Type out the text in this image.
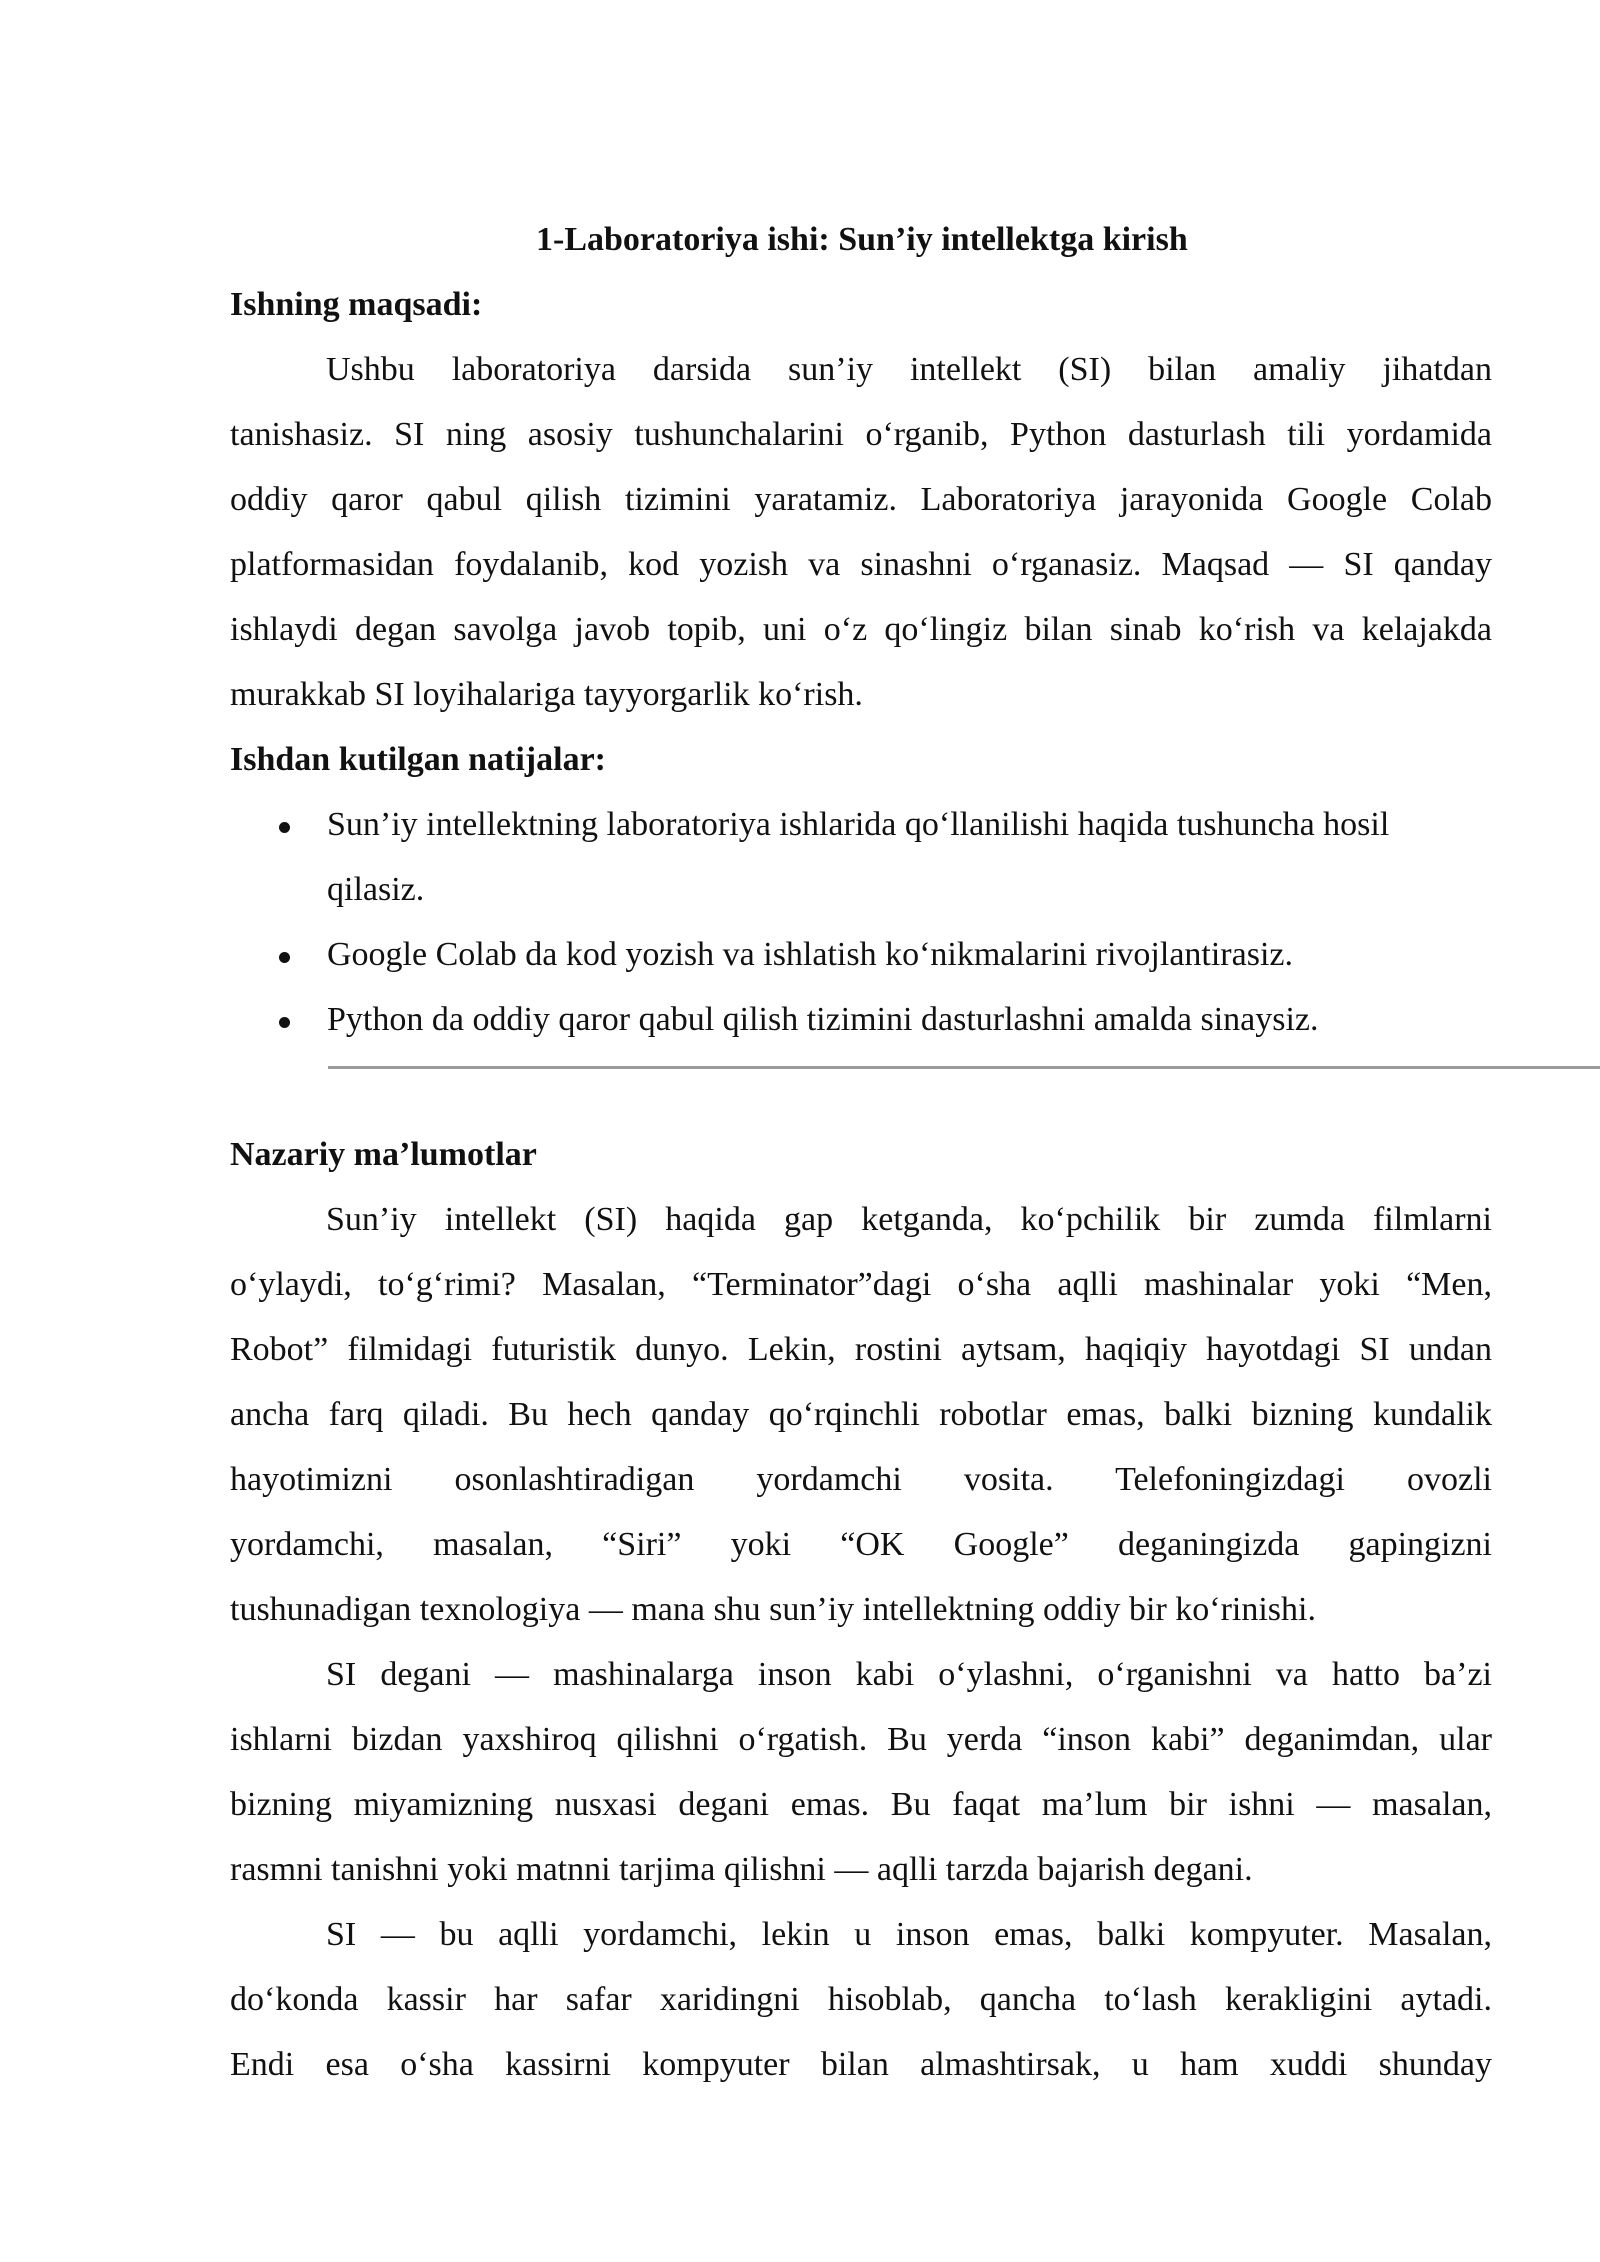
1-Laboratoriya ishi: Sun’iy intellektga kirish
Ishning maqsadi:
Ushbu laboratoriya darsida sun’iy intellekt (SI) bilan amaliy jihatdan
tanishasiz. SI ning asosiy tushunchalarini o‘rganib, Python dasturlash tili yordamida
oddiy qaror qabul qilish tizimini yaratamiz. Laboratoriya jarayonida Google Colab
platformasidan foydalanib, kod yozish va sinashni o‘rganasiz. Maqsad — SI qanday
ishlaydi degan savolga javob topib, uni o‘z qo‘lingiz bilan sinab ko‘rish va kelajakda
murakkab SI loyihalariga tayyorgarlik ko‘rish.
Ishdan kutilgan natijalar:
Sun’iy intellektning laboratoriya ishlarida qo‘llanilishi haqida tushuncha hosil
qilasiz.
Google Colab da kod yozish va ishlatish ko‘nikmalarini rivojlantirasiz.
Python da oddiy qaror qabul qilish tizimini dasturlashni amalda sinaysiz.
Nazariy ma’lumotlar
Sun’iy intellekt (SI) haqida gap ketganda, ko‘pchilik bir zumda filmlarni
o‘ylaydi, to‘g‘rimi? Masalan, “Terminator”dagi o‘sha aqlli mashinalar yoki “Men,
Robot” filmidagi futuristik dunyo. Lekin, rostini aytsam, haqiqiy hayotdagi SI undan
ancha farq qiladi. Bu hech qanday qo‘rqinchli robotlar emas, balki bizning kundalik
hayotimizni osonlashtiradigan yordamchi vosita. Telefoningizdagi ovozli
yordamchi, masalan, “Siri” yoki “OK Google” deganingizda gapingizni
tushunadigan texnologiya — mana shu sun’iy intellektning oddiy bir ko‘rinishi.
SI degani — mashinalarga inson kabi o‘ylashni, o‘rganishni va hatto ba’zi
ishlarni bizdan yaxshiroq qilishni o‘rgatish. Bu yerda “inson kabi” deganimdan, ular
bizning miyamizning nusxasi degani emas. Bu faqat ma’lum bir ishni — masalan,
rasmni tanishni yoki matnni tarjima qilishni — aqlli tarzda bajarish degani.
SI — bu aqlli yordamchi, lekin u inson emas, balki kompyuter. Masalan,
do‘konda kassir har safar xaridingni hisoblab, qancha to‘lash kerakligini aytadi.
Endi esa o‘sha kassirni kompyuter bilan almashtirsak, u ham xuddi shunday
